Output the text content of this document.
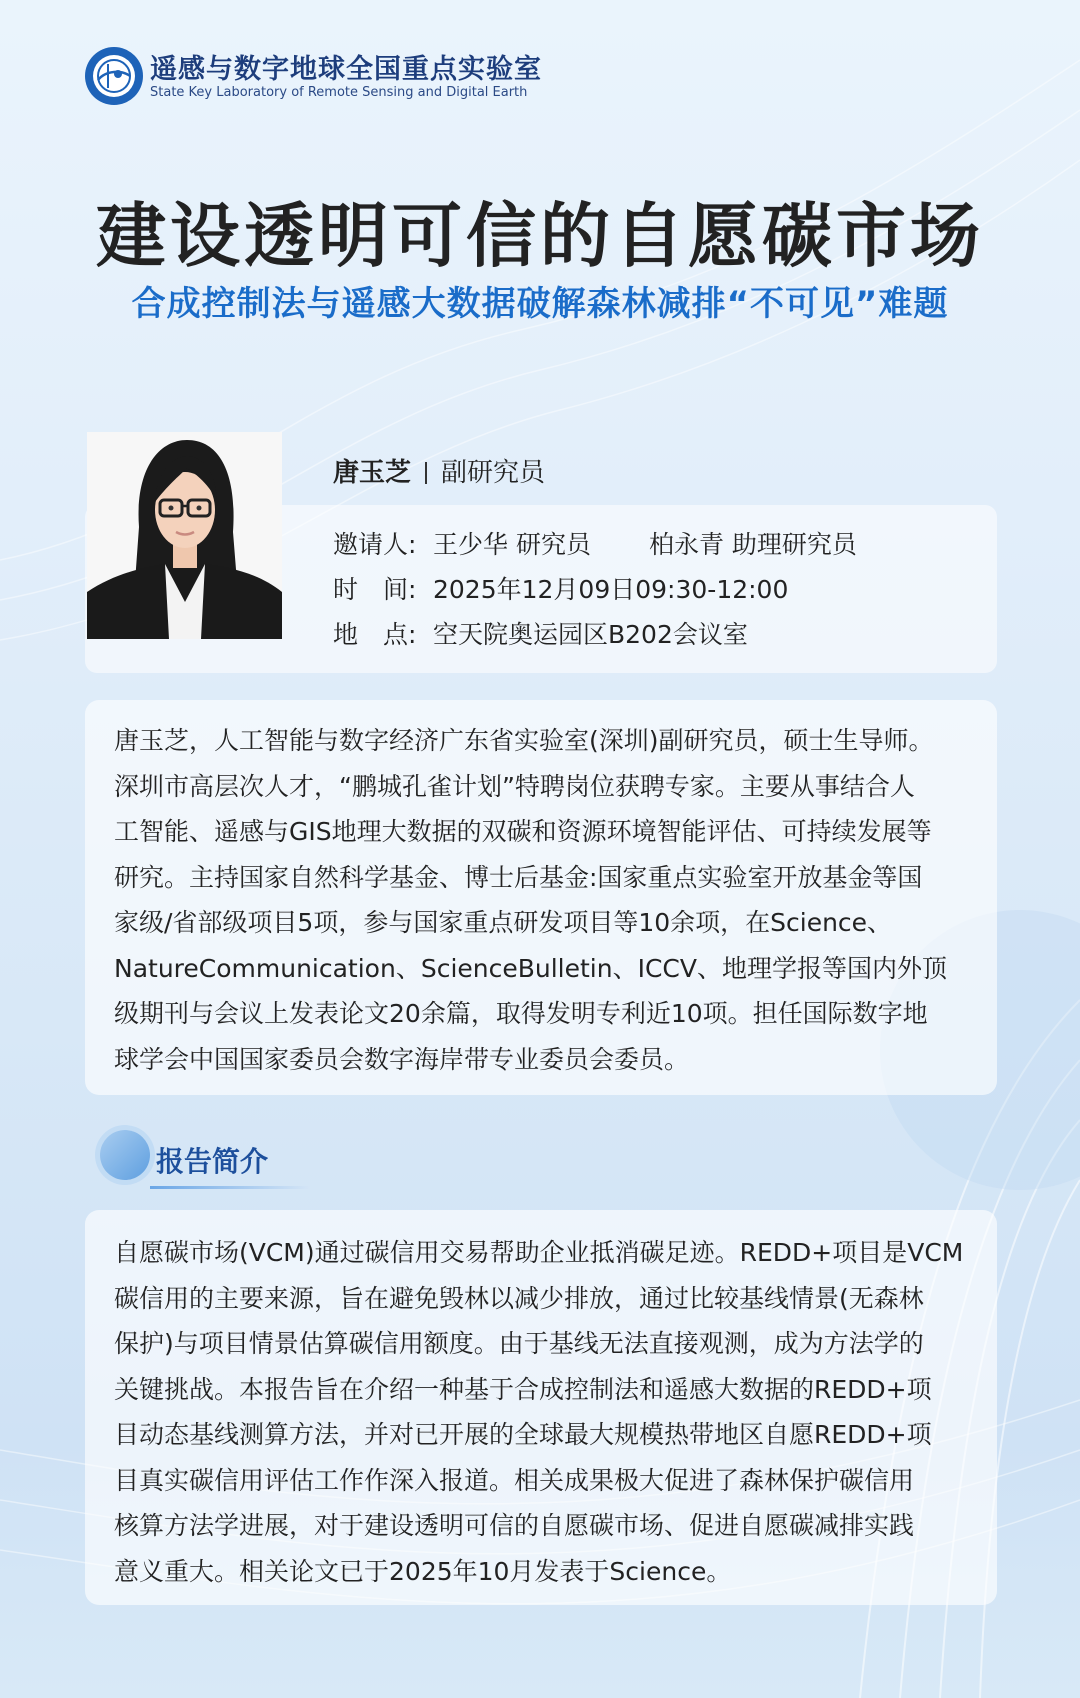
遥感与数字地球全国重点实验室
State Key Laboratory of Remote Sensing and Digital Earth
建设透明可信的自愿碳市场
合成控制法与遥感大数据破解森林减排“不可见”难题
唐玉芝 副研究员
邀请人: 王少华 研究员 柏永青 助理研究员
时　间: 2025年12月09日09:30-12:00
地　点: 空天院奥运园区B202会议室
唐玉芝，人工智能与数字经济广东省实验室(深圳)副研究员，硕士生导师。
深圳市高层次人才，“鹏城孔雀计划”特聘岗位获聘专家。主要从事结合人
工智能、遥感与GIS地理大数据的双碳和资源环境智能评估、可持续发展等
研究。主持国家自然科学基金、博士后基金:国家重点实验室开放基金等国
家级/省部级项目5项，参与国家重点研发项目等10余项，在Science、
NatureCommunication、ScienceBulletin、ICCV、地理学报等国内外顶
级期刊与会议上发表论文20余篇，取得发明专利近10项。担任国际数字地
球学会中国国家委员会数字海岸带专业委员会委员。
报告简介
自愿碳市场(VCM)通过碳信用交易帮助企业抵消碳足迹。REDD+项目是VCM
碳信用的主要来源，旨在避免毁林以减少排放，通过比较基线情景(无森林
保护)与项目情景估算碳信用额度。由于基线无法直接观测，成为方法学的
关键挑战。本报告旨在介绍一种基于合成控制法和遥感大数据的REDD+项
目动态基线测算方法，并对已开展的全球最大规模热带地区自愿REDD+项
目真实碳信用评估工作作深入报道。相关成果极大促进了森林保护碳信用
核算方法学进展，对于建设透明可信的自愿碳市场、促进自愿碳减排实践
意义重大。相关论文已于2025年10月发表于Science。
